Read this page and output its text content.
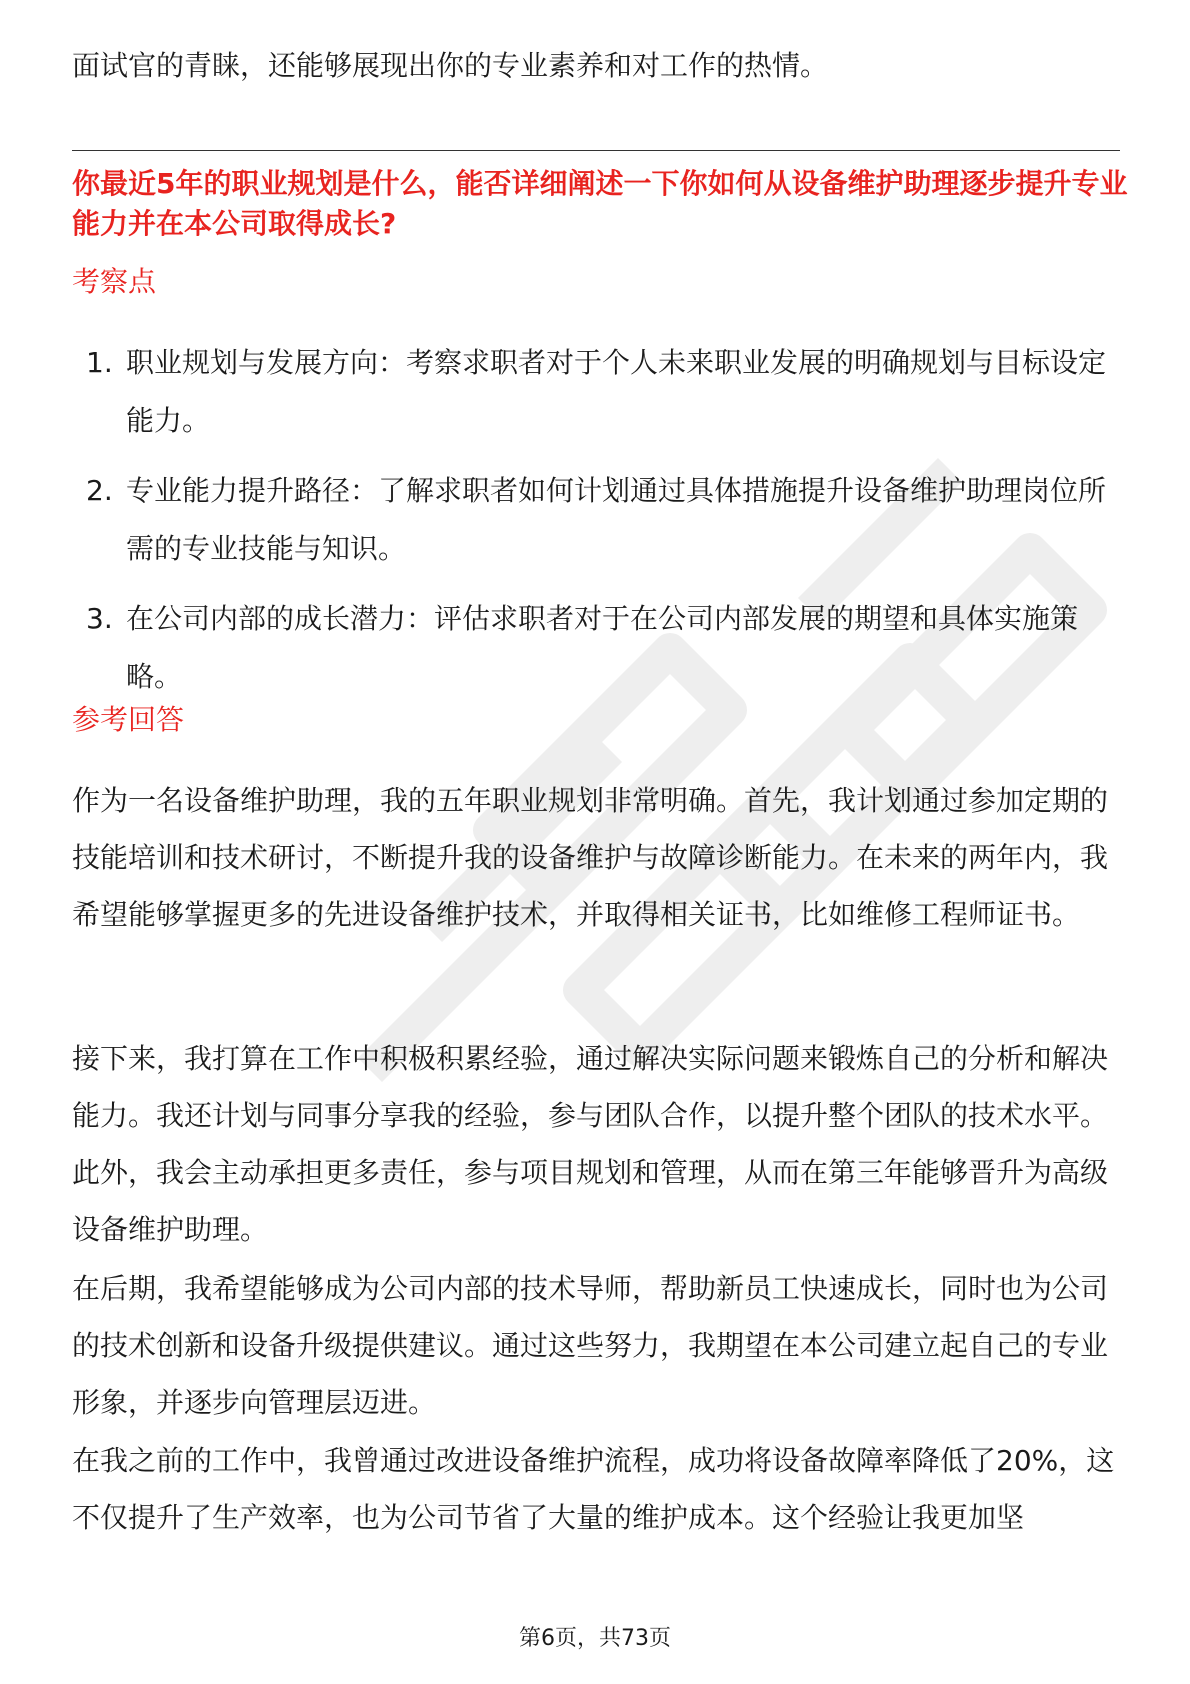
面试官的青睐，还能够展现出你的专业素养和对工作的热情。
你最近5年的职业规划是什么，能否详细阐述一下你如何从设备维护助理逐步提升专业能力并在本公司取得成长?
考察点
1. 职业规划与发展方向：考察求职者对于个人未来职业发展的明确规划与目标设定能力。
2. 专业能力提升路径：了解求职者如何计划通过具体措施提升设备维护助理岗位所需的专业技能与知识。
3. 在公司内部的成长潜力：评估求职者对于在公司内部发展的期望和具体实施策略。
参考回答

作为一名设备维护助理，我的五年职业规划非常明确。首先，我计划通过参加定期的技能培训和技术研讨，不断提升我的设备维护与故障诊断能力。在未来的两年内，我希望能够掌握更多的先进设备维护技术，并取得相关证书，比如维修工程师证书。

接下来，我打算在工作中积极积累经验，通过解决实际问题来锻炼自己的分析和解决能力。我还计划与同事分享我的经验，参与团队合作，以提升整个团队的技术水平。此外，我会主动承担更多责任，参与项目规划和管理，从而在第三年能够晋升为高级设备维护助理。

在后期，我希望能够成为公司内部的技术导师，帮助新员工快速成长，同时也为公司的技术创新和设备升级提供建议。通过这些努力，我期望在本公司建立起自己的专业形象，并逐步向管理层迈进。

在我之前的工作中，我曾通过改进设备维护流程，成功将设备故障率降低了20%，这不仅提升了生产效率，也为公司节省了大量的维护成本。这个经验让我更加坚

第6页，共73页
